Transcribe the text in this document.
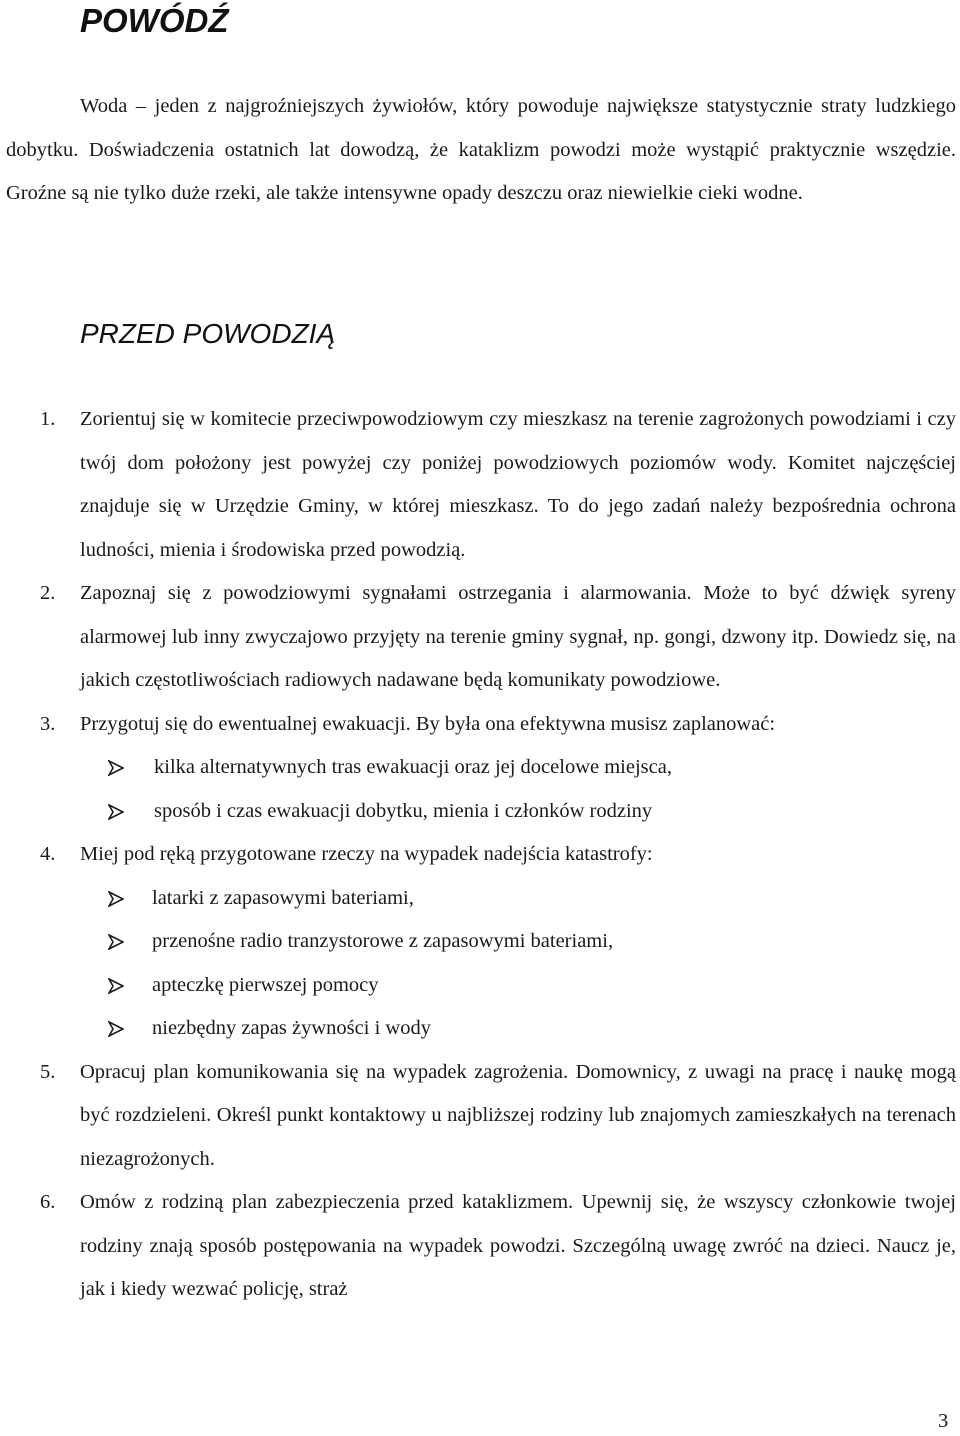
POWÓDŹ

Woda – jeden z najgroźniejszych żywiołów, który powoduje największe statystycznie straty ludzkiego dobytku. Doświadczenia ostatnich lat dowodzą, że kataklizm powodzi może wystąpić praktycznie wszędzie. Groźne są nie tylko duże rzeki, ale także intensywne opady deszczu oraz niewielkie cieki wodne.

PRZED POWODZIĄ
1. Zorientuj się w komitecie przeciwpowodziowym czy mieszkasz na terenie zagrożonych powodziami i czy twój dom położony jest powyżej czy poniżej powodziowych poziomów wody. Komitet najczęściej znajduje się w Urzędzie Gminy, w której mieszkasz. To do jego zadań należy bezpośrednia ochrona ludności, mienia i środowiska przed powodzią.
2. Zapoznaj się z powodziowymi sygnałami ostrzegania i alarmowania. Może to być dźwięk syreny alarmowej lub inny zwyczajowo przyjęty na terenie gminy sygnał, np. gongi, dzwony itp. Dowiedz się, na jakich częstotliwościach radiowych nadawane będą komunikaty powodziowe.
3. Przygotuj się do ewentualnej ewakuacji. By była ona efektywna musisz zaplanować:
kilka alternatywnych tras ewakuacji oraz jej docelowe miejsca,
sposób i czas ewakuacji dobytku, mienia i członków rodziny
4. Miej pod ręką przygotowane rzeczy na wypadek nadejścia katastrofy:
latarki z zapasowymi bateriami,
przenośne radio tranzystorowe z zapasowymi bateriami,
apteczkę pierwszej pomocy
niezbędny zapas żywności i wody
5. Opracuj plan komunikowania się na wypadek zagrożenia. Domownicy, z uwagi na pracę i naukę mogą być rozdzieleni. Określ punkt kontaktowy u najbliższej rodziny lub znajomych zamieszkałych na terenach niezagrożonych.
6. Omów z rodziną plan zabezpieczenia przed kataklizmem. Upewnij się, że wszyscy członkowie twojej rodziny znają sposób postępowania na wypadek powodzi. Szczególną uwagę zwróć na dzieci. Naucz je, jak i kiedy wezwać policję, straż
3
